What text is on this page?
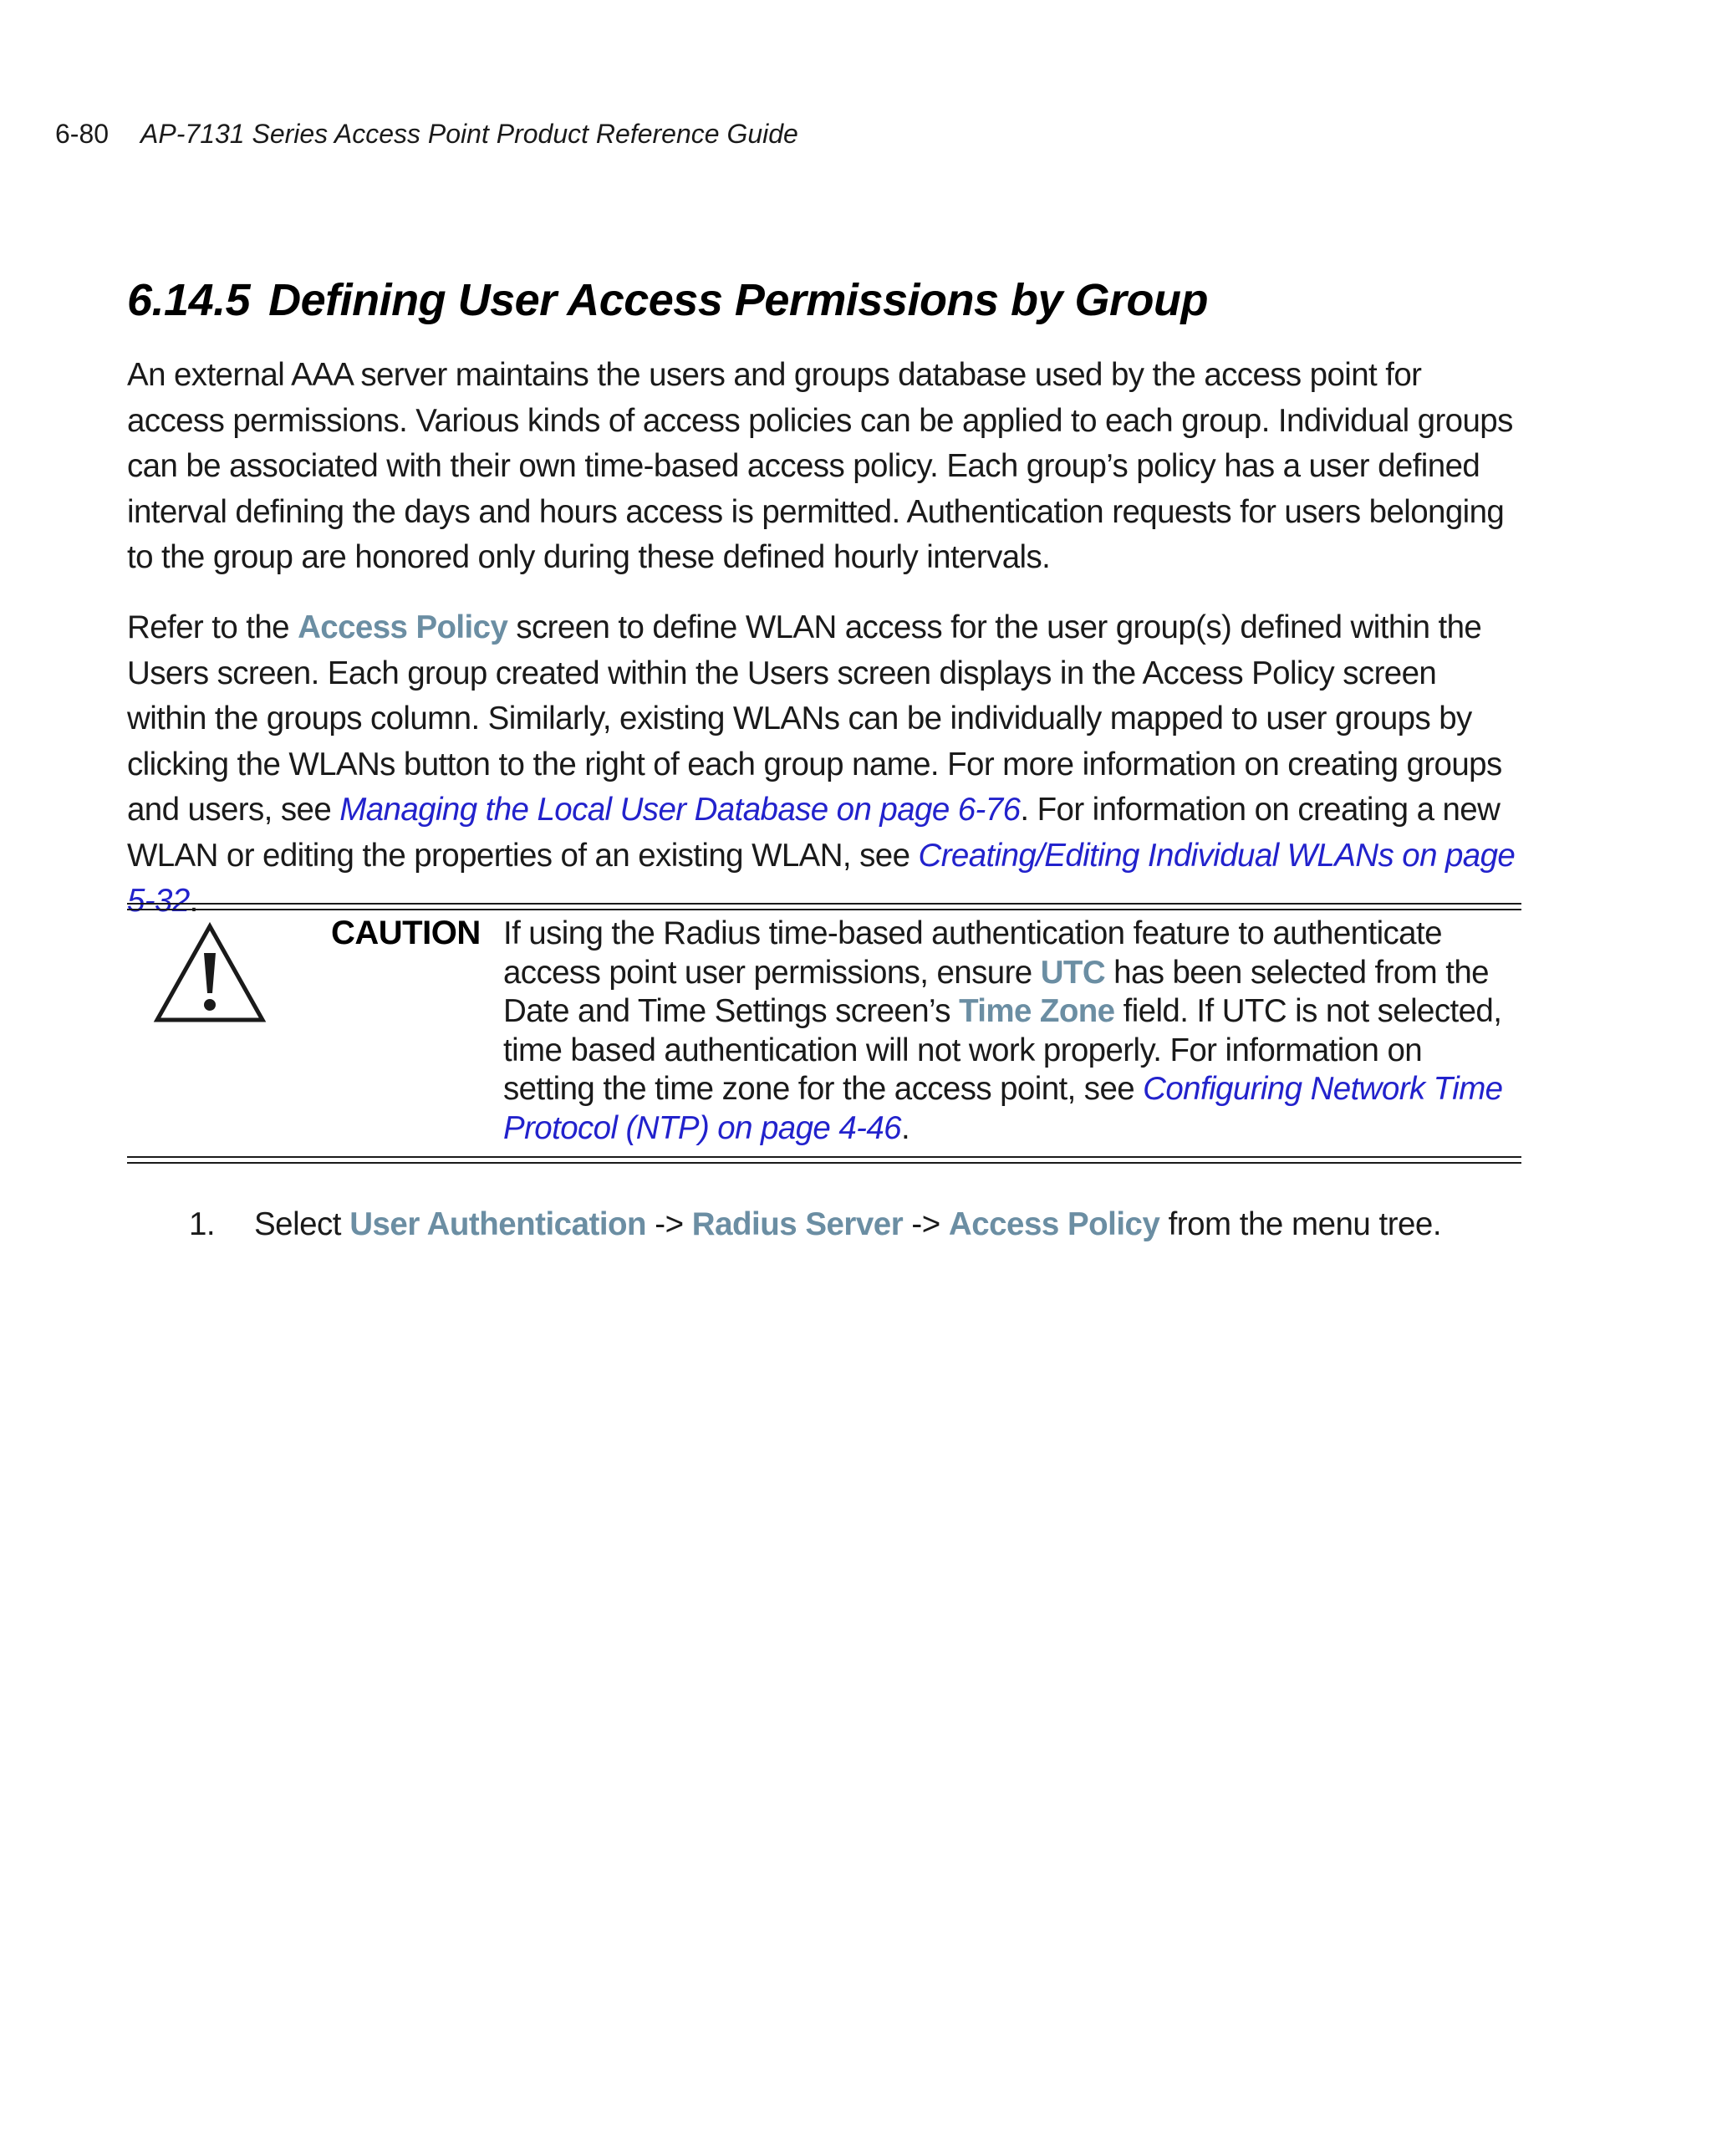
6-80 AP-7131 Series Access Point Product Reference Guide
6.14.5 Defining User Access Permissions by Group

An external AAA server maintains the users and groups database used by the access point for access permissions. Various kinds of access policies can be applied to each group. Individual groups can be associated with their own time-based access policy. Each group’s policy has a user defined interval defining the days and hours access is permitted. Authentication requests for users belonging to the group are honored only during these defined hourly intervals.

Refer to the Access Policy screen to define WLAN access for the user group(s) defined within the Users screen. Each group created within the Users screen displays in the Access Policy screen within the groups column. Similarly, existing WLANs can be individually mapped to user groups by clicking the WLANs button to the right of each group name. For more information on creating groups and users, see Managing the Local User Database on page 6-76. For information on creating a new WLAN or editing the properties of an existing WLAN, see Creating/Editing Individual WLANs on page 5-32.

CAUTION If using the Radius time-based authentication feature to authenticate access point user permissions, ensure UTC has been selected from the Date and Time Settings screen’s Time Zone field. If UTC is not selected, time based authentication will not work properly. For information on setting the time zone for the access point, see Configuring Network Time Protocol (NTP) on page 4-46.

1. Select User Authentication -> Radius Server -> Access Policy from the menu tree.
